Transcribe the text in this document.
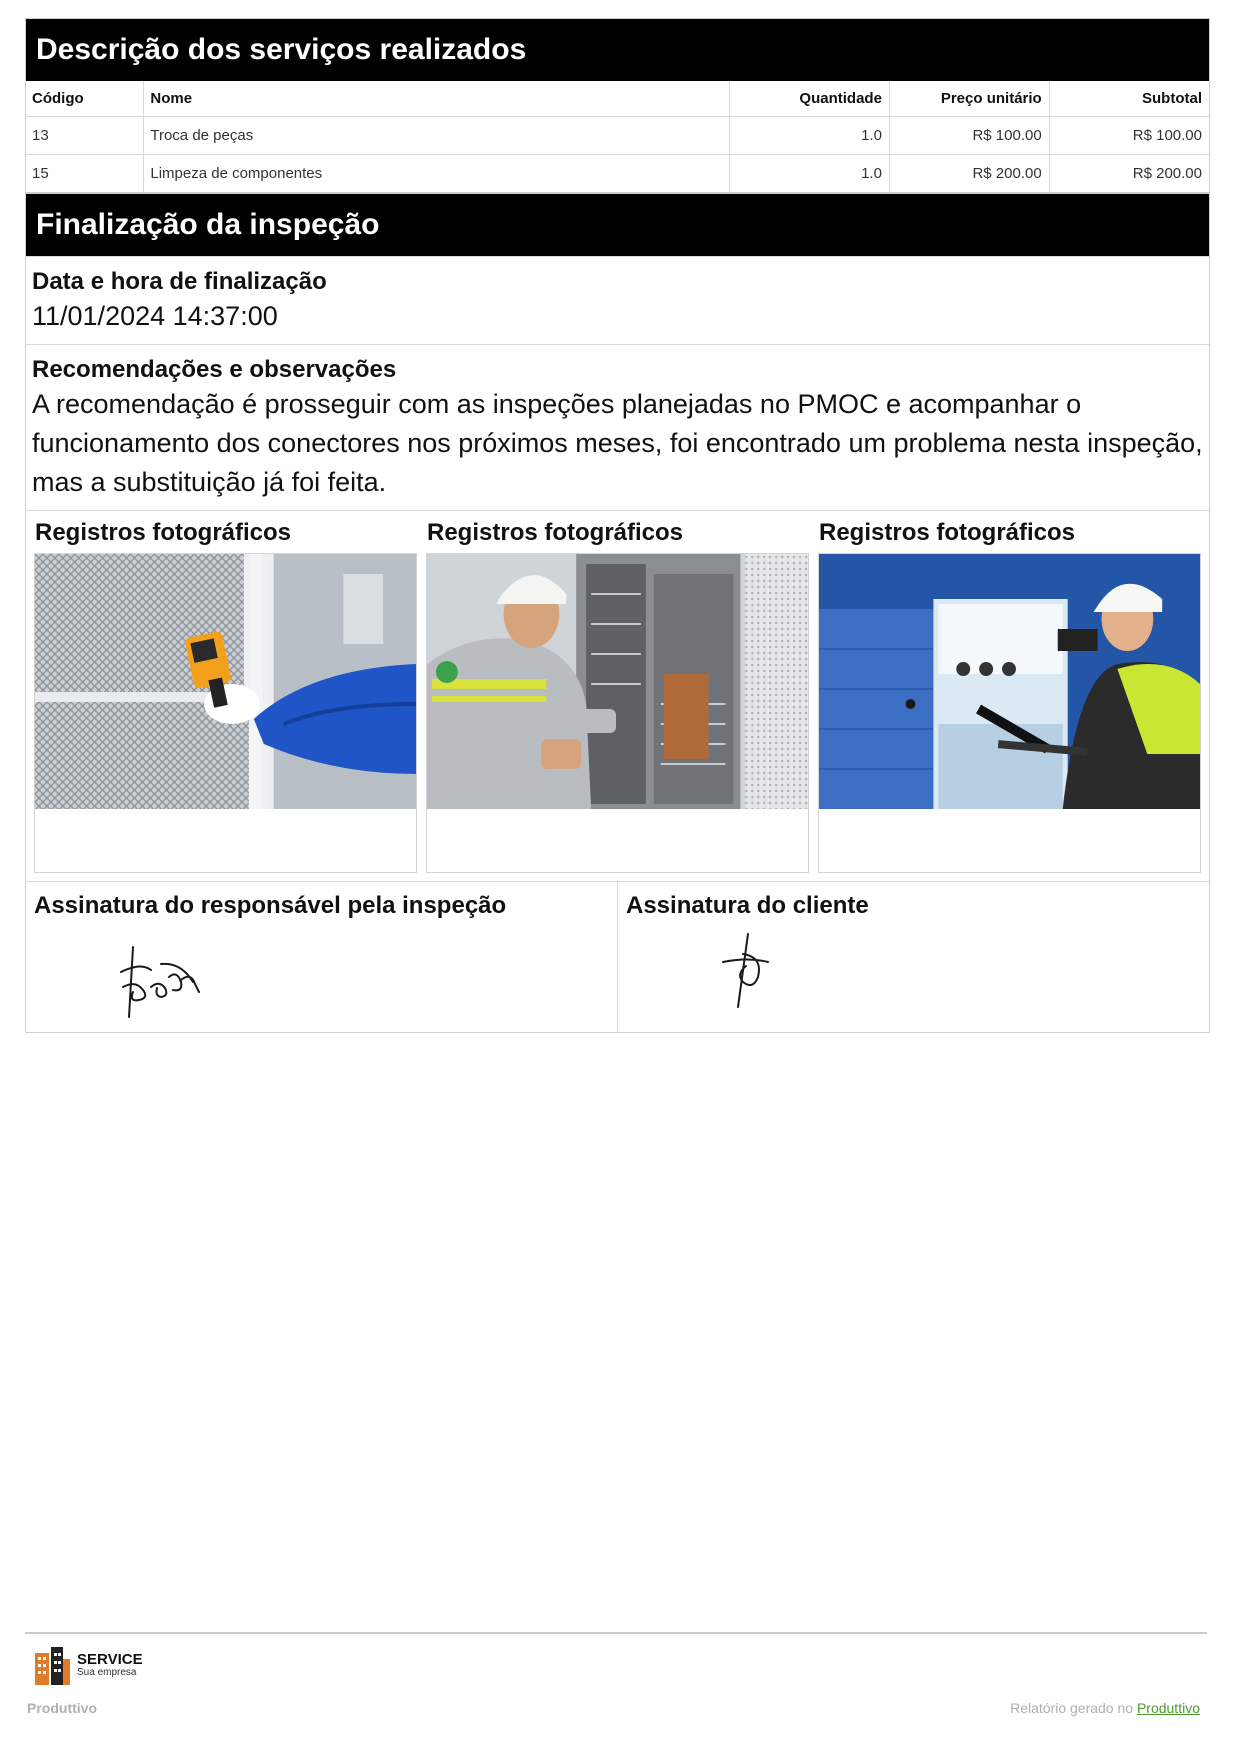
Descrição dos serviços realizados
Código	Nome	Quantidade	Preço unitário	Subtotal
13	Troca de peças	1.0	R$ 100.00	R$ 100.00
15	Limpeza de componentes	1.0	R$ 200.00	R$ 200.00
Finalização da inspeção
Data e hora de finalização
11/01/2024 14:37:00
Recomendações e observações
A recomendação é prosseguir com as inspeções planejadas no PMOC e acompanhar o funcionamento dos conectores nos próximos meses, foi encontrado um problema nesta inspeção, mas a substituição já foi feita.
Registros fotográficos	Registros fotográficos	Registros fotográficos
Assinatura do responsável pela inspeção	Assinatura do cliente
SERVICE
Sua empresa
Produttivo	Relatório gerado no Produttivo
